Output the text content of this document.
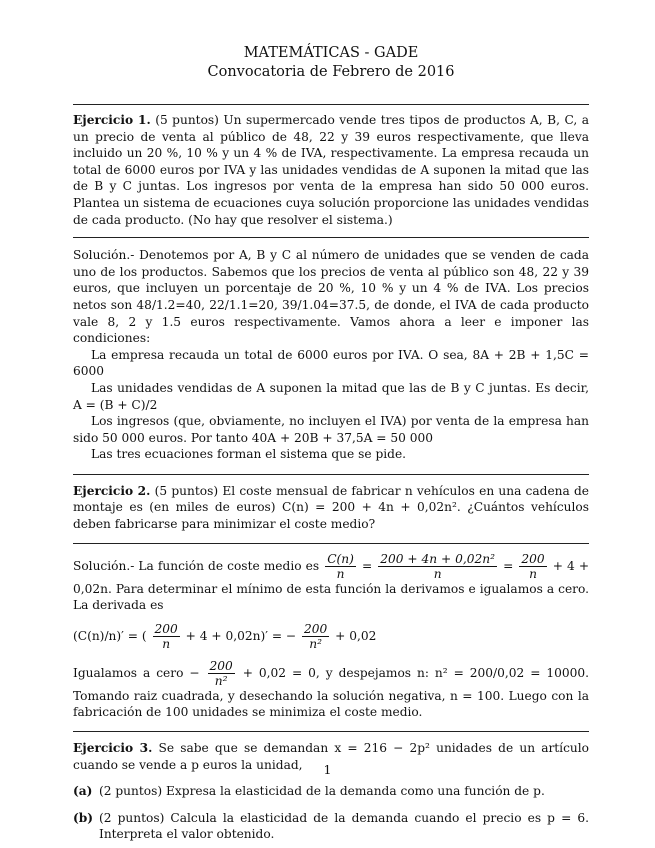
MATEMÁTICAS - GADE
Convocatoria de Febrero de 2016

Ejercicio 1. (5 puntos) Un supermercado vende tres tipos de productos A, B, C, a un precio de venta al público de 48, 22 y 39 euros respectivamente, que lleva incluido un 20 %, 10 % y un 4 % de IVA, respectivamente. La empresa recauda un total de 6000 euros por IVA y las unidades vendidas de A suponen la mitad que las de B y C juntas. Los ingresos por venta de la empresa han sido 50 000 euros. Plantea un sistema de ecuaciones cuya solución proporcione las unidades vendidas de cada producto. (No hay que resolver el sistema.)

Solución.- Denotemos por A, B y C al número de unidades que se venden de cada uno de los productos. Sabemos que los precios de venta al público son 48, 22 y 39 euros, que incluyen un porcentaje de 20 %, 10 % y un 4 % de IVA. Los precios netos son 48/1.2=40, 22/1.1=20, 39/1.04=37.5, de donde, el IVA de cada producto vale 8, 2 y 1.5 euros respectivamente. Vamos ahora a leer e imponer las condiciones:

La empresa recauda un total de 6000 euros por IVA. O sea, 8A + 2B + 1,5C = 6000

Las unidades vendidas de A suponen la mitad que las de B y C juntas. Es decir, A = (B + C)/2

Los ingresos (que, obviamente, no incluyen el IVA) por venta de la empresa han sido 50 000 euros. Por tanto 40A + 20B + 37,5A = 50 000

Las tres ecuaciones forman el sistema que se pide.

Ejercicio 2. (5 puntos) El coste mensual de fabricar n vehículos en una cadena de montaje es (en miles de euros) C(n) = 200 + 4n + 0,02n². ¿Cuántos vehículos deben fabricarse para minimizar el coste medio?

Solución.- La función de coste medio es $\frac{C(n)}{n} = \frac{\text{200 + 4n + 0,02n²}}{n} = \frac{200}{n} + 4 + 0,02n$. Para determinar el mínimo de esta función la derivamos e igualamos a cero. La derivada es

(C(n)/n)′ = ( $\frac{200}{n} + 4 + 0,02n)'$ = − $\frac{200}{\text{n²}} + 0,02$

Igualamos a cero − $\frac{200}{\text{n²}} + 0,02 = 0$, y despejamos n: n² = 200/0,02 = 10000. Tomando raiz cuadrada, y desechando la solución negativa, n = 100. Luego con la fabricación de 100 unidades se minimiza el coste medio.

Ejercicio 3. Se sabe que se demandan x = 216 − 2p² unidades de un artículo cuando se vende a p euros la unidad,

(a) (2 puntos) Expresa la elasticidad de la demanda como una función de p.
(b) (2 puntos) Calcula la elasticidad de la demanda cuando el precio es p = 6. Interpreta el valor obtenido.
1
